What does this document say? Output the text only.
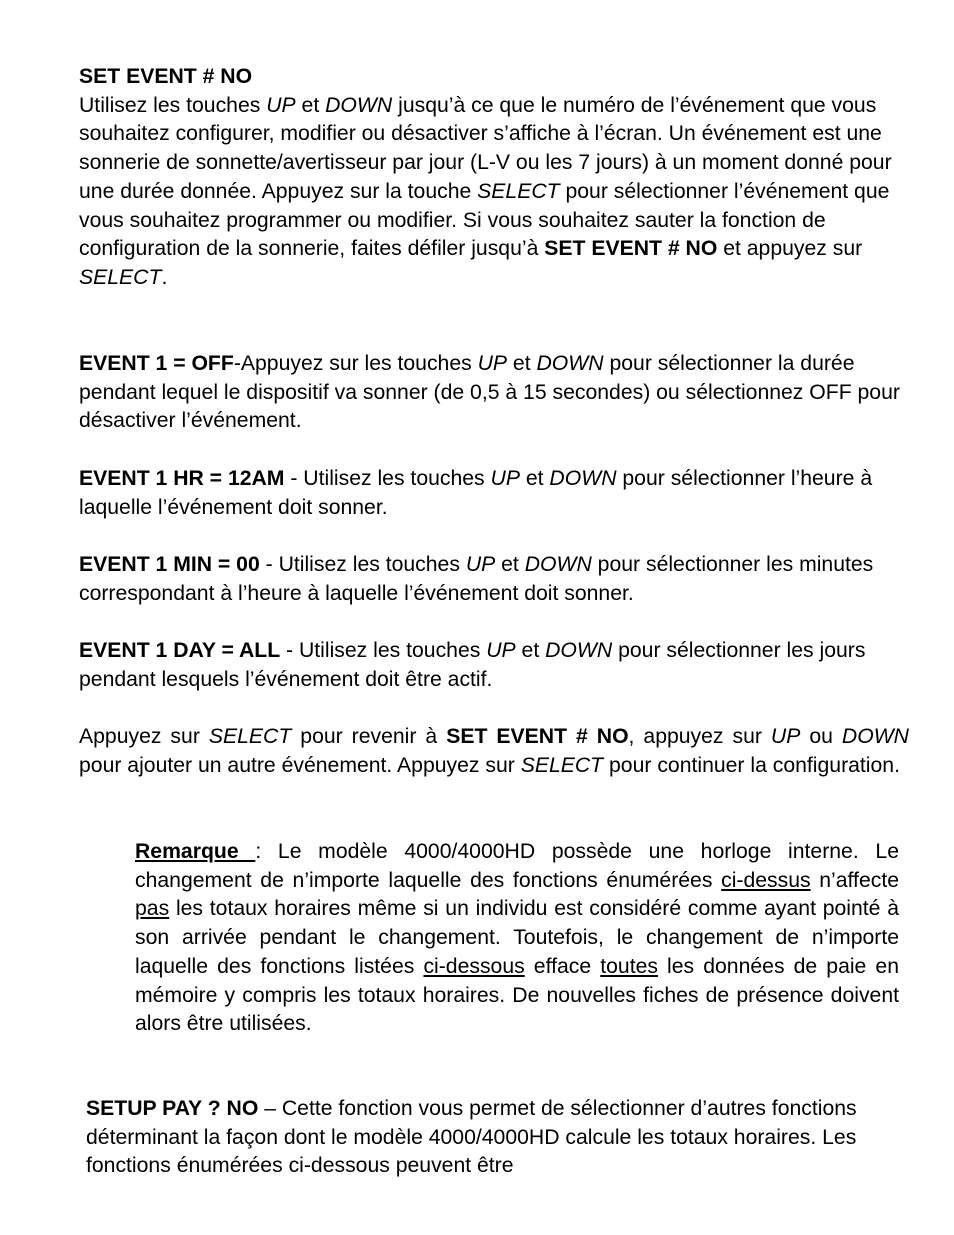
SET EVENT # NO

Utilisez les touches UP et DOWN jusqu’à ce que le numéro de l’événement que vous souhaitez configurer, modifier ou désactiver s’affiche à l’écran. Un événement est une sonnerie de sonnette/avertisseur par jour (L-V ou les 7 jours) à un moment donné pour une durée donnée. Appuyez sur la touche SELECT pour sélectionner l’événement que vous souhaitez programmer ou modifier. Si vous souhaitez sauter la fonction de configuration de la sonnerie, faites défiler jusqu’à SET EVENT # NO et appuyez sur SELECT.

EVENT 1 = OFF-Appuyez sur les touches UP et DOWN pour sélectionner la durée pendant lequel le dispositif va sonner (de 0,5 à 15 secondes) ou sélectionnez OFF pour désactiver l’événement.

EVENT 1 HR = 12AM - Utilisez les touches UP et DOWN pour sélectionner l’heure à laquelle l’événement doit sonner.

EVENT 1 MIN = 00 - Utilisez les touches UP et DOWN pour sélectionner les minutes correspondant à l’heure à laquelle l’événement doit sonner.

EVENT 1 DAY = ALL - Utilisez les touches UP et DOWN pour sélectionner les jours pendant lesquels l’événement doit être actif.

Appuyez sur SELECT pour revenir à SET EVENT # NO, appuyez sur UP ou DOWN pour ajouter un autre événement. Appuyez sur SELECT pour continuer la configuration.

Remarque : Le modèle 4000/4000HD possède une horloge interne. Le changement de n’importe laquelle des fonctions énumérées ci-dessus n’affecte pas les totaux horaires même si un individu est considéré comme ayant pointé à son arrivée pendant le changement. Toutefois, le changement de n’importe laquelle des fonctions listées ci-dessous efface toutes les données de paie en mémoire y compris les totaux horaires. De nouvelles fiches de présence doivent alors être utilisées.

SETUP PAY ? NO – Cette fonction vous permet de sélectionner d’autres fonctions déterminant la façon dont le modèle 4000/4000HD calcule les totaux horaires. Les fonctions énumérées ci-dessous peuvent être
